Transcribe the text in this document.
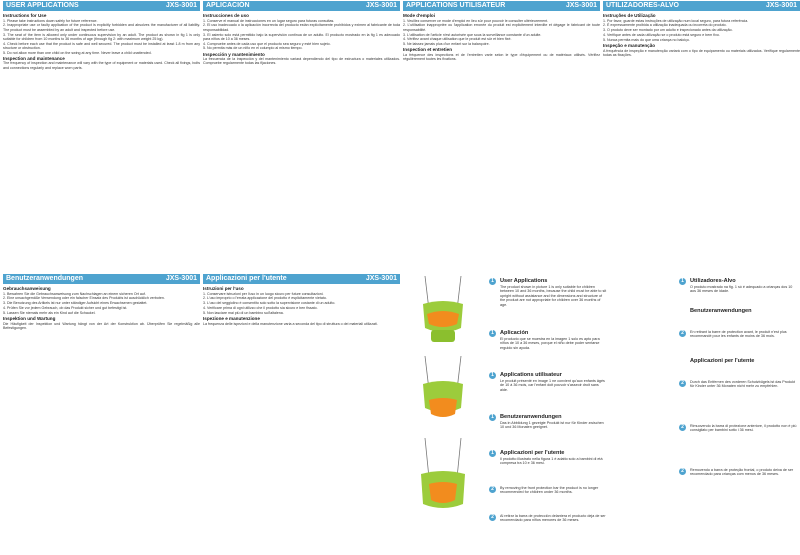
USER APPLICATIONS	JXS-3001
Instructions for Use

1. Please take instructions down safely for future reference.

2. Inappropriate use or faulty application of the product is explicitly forbidden and absolves the manufacturer of all liability. The product must be assembled by an adult and inspected before use.

3. The seat of the item is allowed only under continuous supervision by an adult. The product as shown in fig 1 is only suitable for children from 10 months to 36 months of age (through fig 2: with maximum weight 25 kg).

4. Check before each use that the product is safe and well secured. The product must be installed at least 1.8 m from any structure or obstruction.

5. Do not allow more than one child on the swing at any time. Never leave a child unattended.

Inspection and maintenance
The frequency of inspection and maintenance will vary with the type of equipment or materials used. Check all fixings, bolts and connections regularly and replace worn parts.
APLICACIÓN	JXS-3001
Instrucciones de uso

1. Conserve el manual de instrucciones en un lugar seguro para futuras consultas.

2. El uso inadecuado o la aplicación incorrecta del producto están explícitamente prohibidos y eximen al fabricante de toda responsabilidad.

3. El asiento solo está permitido bajo la supervisión continua de un adulto. El producto mostrado en la fig 1 es adecuado para niños de 10 a 36 meses.

4. Compruebe antes de cada uso que el producto sea seguro y esté bien sujeto.

5. No permita más de un niño en el columpio al mismo tiempo.

Inspección y mantenimiento
La frecuencia de la inspección y del mantenimiento variará dependiendo del tipo de estructura o materiales utilizados. Compruebe regularmente todas las fijaciones.
APPLICATIONS UTILISATEUR	JXS-3001
Mode d'emploi

1. Veuillez conserver ce mode d'emploi en lieu sûr pour pouvoir le consulter ultérieurement.

2. L'utilisation inappropriée ou l'application erronée du produit est explicitement interdite et dégage le fabricant de toute responsabilité.

3. L'utilisation de l'article n'est autorisée que sous la surveillance constante d'un adulte.

4. Vérifiez avant chaque utilisation que le produit est sûr et bien fixé.

5. Ne laissez jamais plus d'un enfant sur la balançoire.

Inspection et entretien
La fréquence des inspections et de l'entretien varie selon le type d'équipement ou de matériaux utilisés. Vérifiez régulièrement toutes les fixations.
UTILIZADORES-ALVO	JXS-3001
Instruções de Utilização

1. Por favor, guarde estas instruções de utilização num local seguro, para futura referência.

2. É expressamente proibida a utilização inadequada ou incorreta do produto.

3. O produto deve ser montado por um adulto e inspecionado antes da utilização.

4. Verifique antes de cada utilização se o produto está seguro e bem fixo.

5. Nunca permita mais do que uma criança no baloiço.

Inspeção e manutenção
A frequência de inspeção e manutenção variará com o tipo de equipamento ou materiais utilizados. Verifique regularmente todas as fixações.
Benutzeranwendungen	JXS-3001
Gebrauchsanweisung

1. Bewahren Sie die Gebrauchsanweisung zum Nachschlagen an einem sicheren Ort auf.

2. Eine unsachgemäße Verwendung oder ein falscher Einsatz des Produkts ist ausdrücklich verboten.

3. Die Benutzung des Artikels ist nur unter ständiger Aufsicht eines Erwachsenen gestattet.

4. Prüfen Sie vor jedem Gebrauch, ob das Produkt sicher und gut befestigt ist.

5. Lassen Sie niemals mehr als ein Kind auf die Schaukel.

Inspektion und Wartung
Die Häufigkeit der Inspektion und Wartung hängt von der Art der Konstruktion ab. Überprüfen Sie regelmäßig alle Befestigungen.
Applicazioni per l'utente	JXS-3001
Istruzioni per l'uso

1. Conservare istruzioni per l'uso in un luogo sicuro per future consultazioni.

2. L'uso improprio o l'errata applicazione del prodotto è esplicitamente vietato.

3. L'uso del seggiolino è consentito solo sotto la supervisione costante di un adulto.

4. Verificare prima di ogni utilizzo che il prodotto sia sicuro e ben fissato.

5. Non lasciare mai più di un bambino sull'altalena.

Ispezione e manutenzione
La frequenza delle ispezioni e della manutenzione varia a seconda del tipo di struttura o dei materiali utilizzati.
1	User Applications
The product shown in picture 1 is only suitable for children between 10 and 36 months, because the child must be able to sit upright without assistance and the dimensions and structure of the product are not appropriate for children over 36 months of age.
1	Aplicación
El producto que se muestra en la imagen 1 solo es apto para niños de 10 a 36 meses, porque el niño debe poder sentarse erguido sin ayuda.
1	Applications utilisateur
Le produit présenté en image 1 ne convient qu'aux enfants âgés de 10 à 36 mois, car l'enfant doit pouvoir s'asseoir droit sans aide.
1	Benutzeranwendungen
Das in Abbildung 1 gezeigte Produkt ist nur für Kinder zwischen 10 und 36 Monaten geeignet.
1	Applicazioni per l'utente
Il prodotto illustrato nella figura 1 è adatto solo a bambini di età compresa tra 10 e 36 mesi.
2	By removing the front protection bar the product is no longer recommended for children under 36 months.
2	Al retirar la barra de protección delantera el producto deja de ser recomendado para niños menores de 36 meses.
1	Utilizadores-Alvo
O produto mostrado na fig. 1 só é adequado a crianças dos 10 aos 36 meses de idade.
Benutzeranwendungen
2	En retirant la barre de protection avant, le produit n'est plus recommandé pour les enfants de moins de 36 mois.
Applicazioni per l'utente
2	Durch das Entfernen des vorderen Schutzbügels ist das Produkt für Kinder unter 36 Monaten nicht mehr zu empfehlen.
2	Rimuovendo la barra di protezione anteriore, il prodotto non è più consigliato per bambini sotto i 36 mesi.
2	Removendo a barra de proteção frontal, o produto deixa de ser recomendado para crianças com menos de 36 meses.
